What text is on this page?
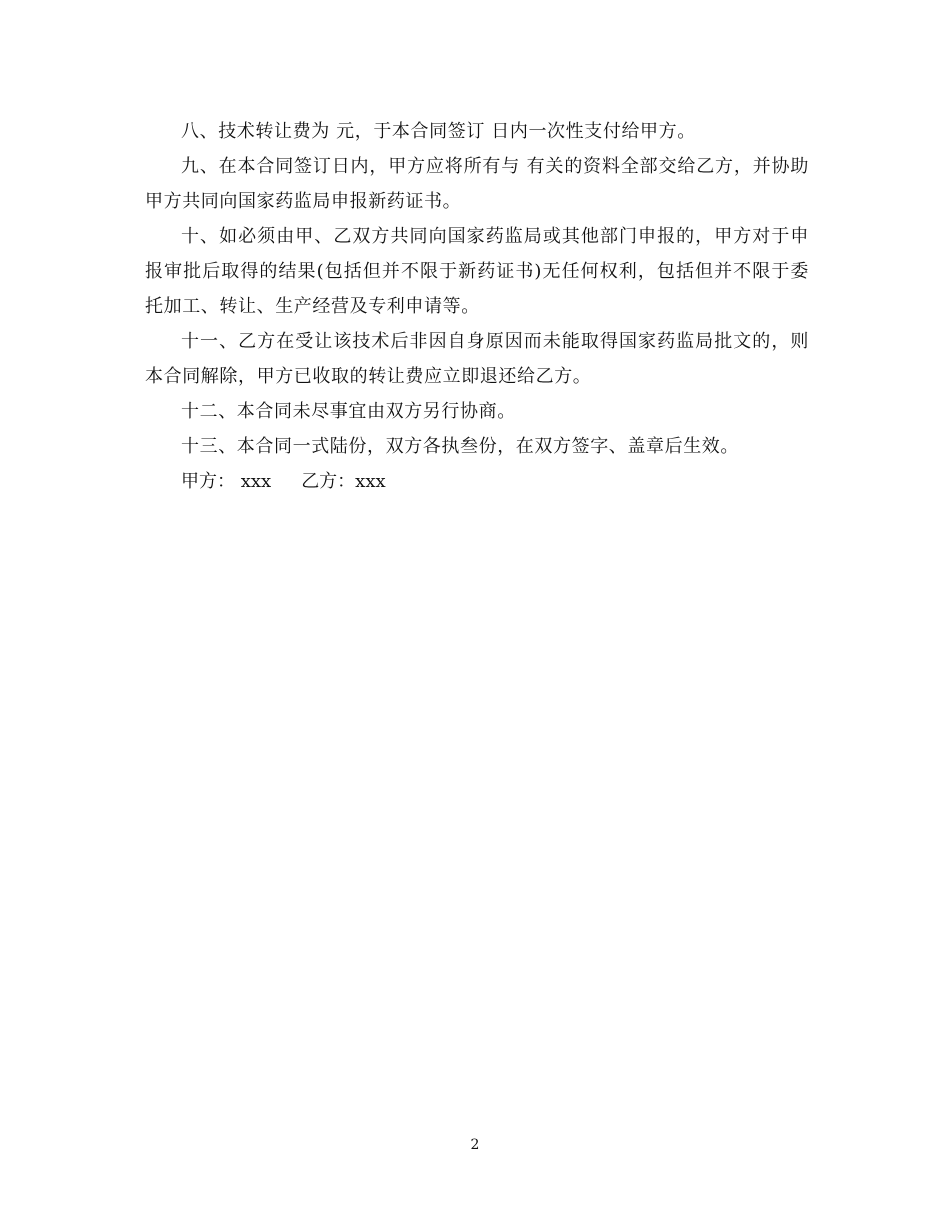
八、技术转让费为 元，于本合同签订 日内一次性支付给甲方。

九、在本合同签订日内，甲方应将所有与 有关的资料全部交给乙方，并协助甲方共同向国家药监局申报新药证书。

十、如必须由甲、乙双方共同向国家药监局或其他部门申报的，甲方对于申报审批后取得的结果(包括但并不限于新药证书)无任何权利，包括但并不限于委托加工、转让、生产经营及专利申请等。

十一、乙方在受让该技术后非因自身原因而未能取得国家药监局批文的，则本合同解除，甲方已收取的转让费应立即退还给乙方。

十二、本合同未尽事宜由双方另行协商。

十三、本合同一式陆份，双方各执叁份，在双方签字、盖章后生效。

甲方： xxx 乙方：xxx

2
